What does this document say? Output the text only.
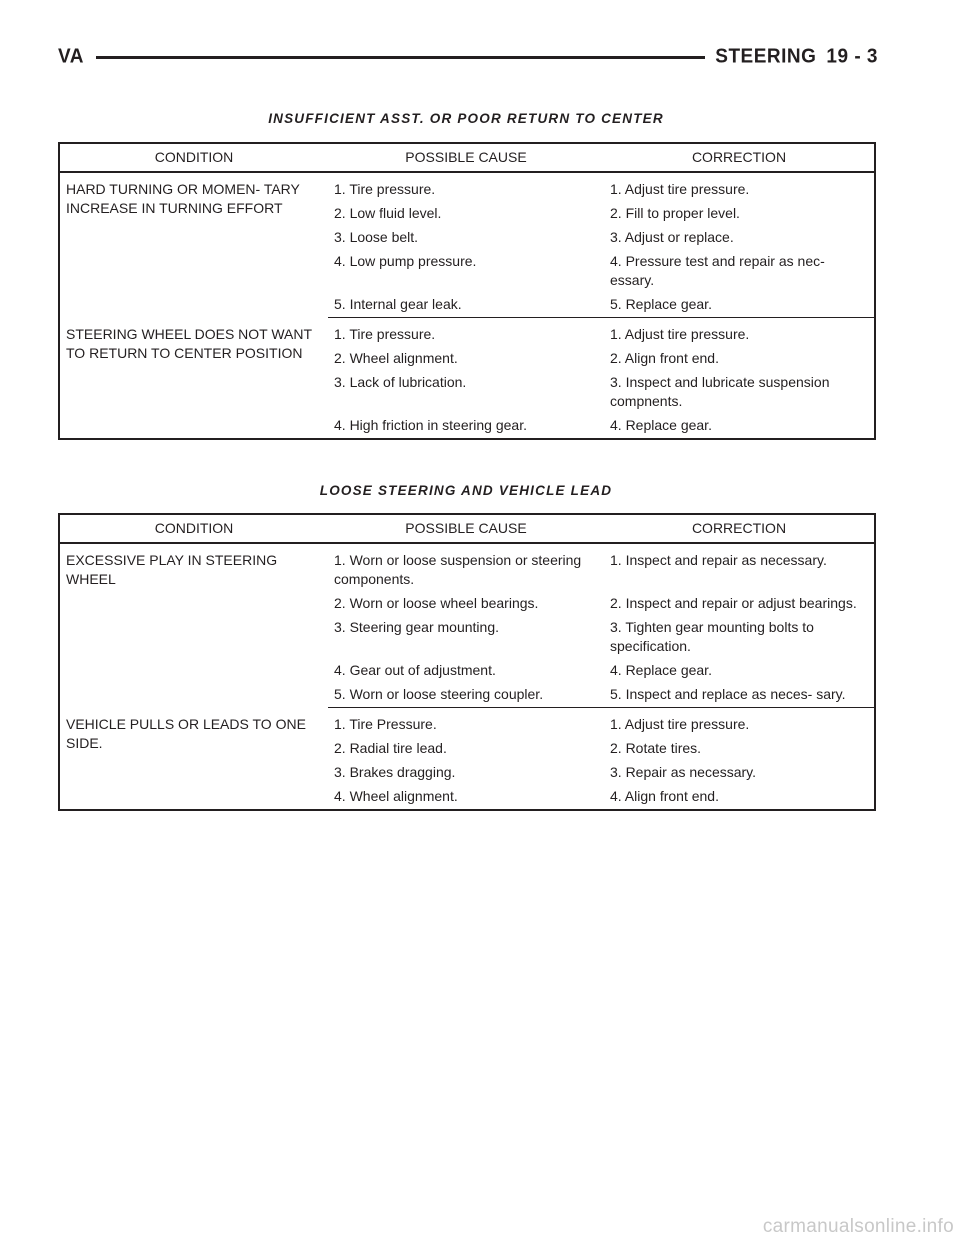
VA	STEERING 19 - 3
INSUFFICIENT ASST. OR POOR RETURN TO CENTER
CONDITION	POSSIBLE CAUSE	CORRECTION
HARD TURNING OR MOMEN- TARY INCREASE IN TURNING EFFORT	1. Tire pressure.	1. Adjust tire pressure.
	2. Low fluid level.	2. Fill to proper level.
	3. Loose belt.	3. Adjust or replace.
	4. Low pump pressure.	4. Pressure test and repair as nec- essary.
	5. Internal gear leak.	5. Replace gear.
STEERING WHEEL DOES NOT WANT TO RETURN TO CENTER POSITION	1. Tire pressure.	1. Adjust tire pressure.
	2. Wheel alignment.	2. Align front end.
	3. Lack of lubrication.	3. Inspect and lubricate suspension compnents.
	4. High friction in steering gear.	4. Replace gear.
LOOSE STEERING AND VEHICLE LEAD
CONDITION	POSSIBLE CAUSE	CORRECTION
EXCESSIVE PLAY IN STEERING WHEEL	1. Worn or loose suspension or steering components.	1. Inspect and repair as necessary.
	2. Worn or loose wheel bearings.	2. Inspect and repair or adjust bearings.
	3. Steering gear mounting.	3. Tighten gear mounting bolts to specification.
	4. Gear out of adjustment.	4. Replace gear.
	5. Worn or loose steering coupler.	5. Inspect and replace as neces- sary.
VEHICLE PULLS OR LEADS TO ONE SIDE.	1. Tire Pressure.	1. Adjust tire pressure.
	2. Radial tire lead.	2. Rotate tires.
	3. Brakes dragging.	3. Repair as necessary.
	4. Wheel alignment.	4. Align front end.
carmanualsonline.info
